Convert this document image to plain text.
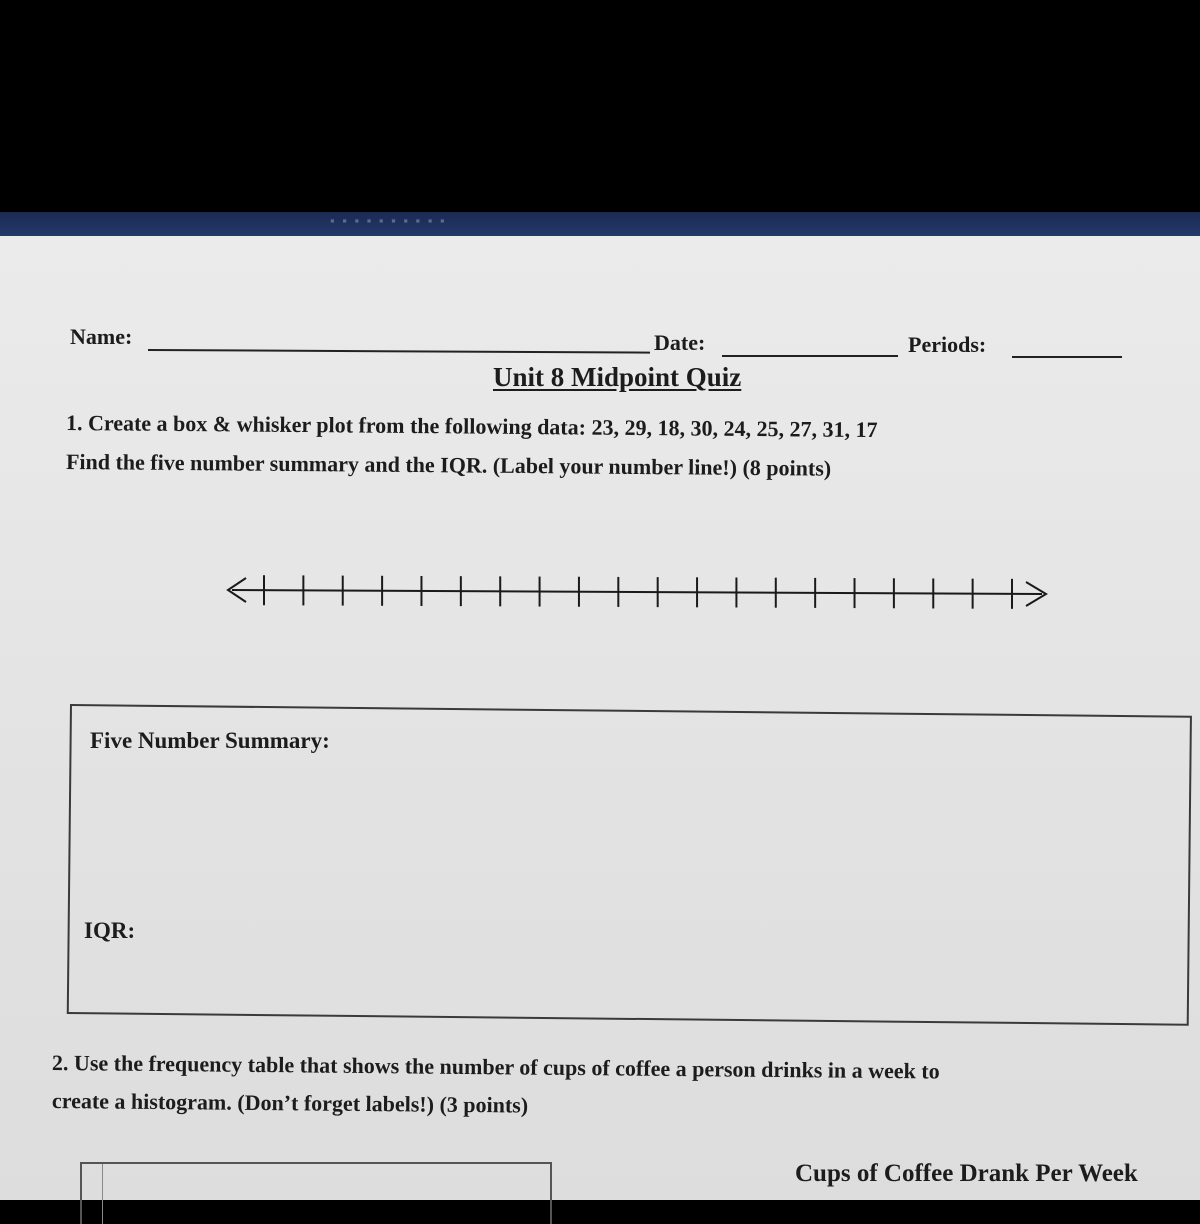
▪ ▪ ▪ ▪ ▪ ▪ ▪ ▪ ▪ ▪
Name:	Date:	Periods:
Unit 8 Midpoint Quiz
1. Create a box & whisker plot from the following data: 23, 29, 18, 30, 24, 25, 27, 31, 17
Find the five number summary and the IQR. (Label your number line!) (8 points)
Five Number Summary:
IQR:
2. Use the frequency table that shows the number of cups of coffee a person drinks in a week to
create a histogram. (Don’t forget labels!) (3 points)
Cups of Coffee Drank Per Week
